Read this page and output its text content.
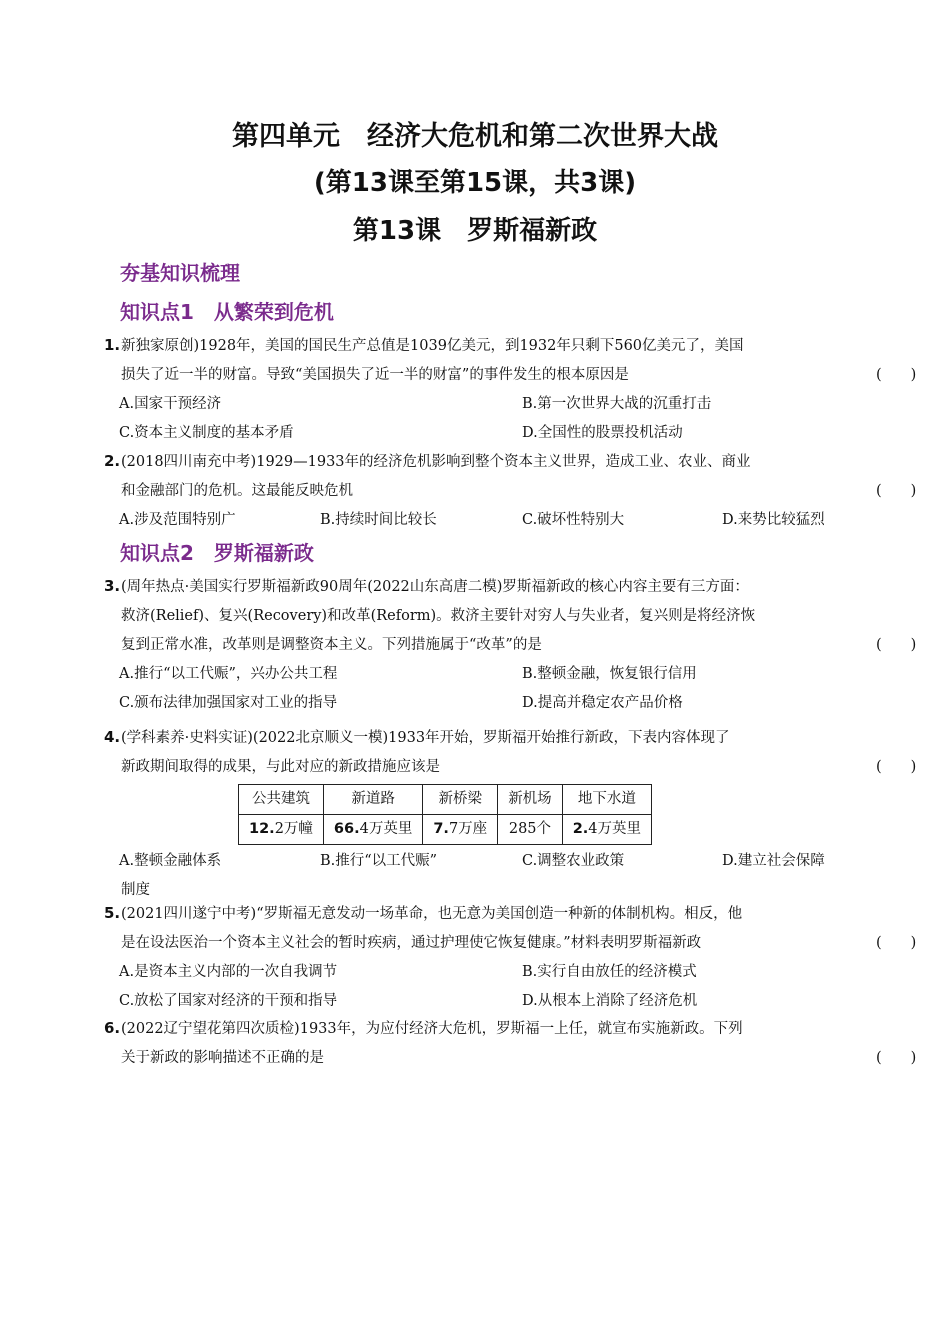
第四单元　经济大危机和第二次世界大战
(第13课至第15课，共3课)
第13课　罗斯福新政
夯基知识梳理
知识点1　从繁荣到危机
1.新独家原创)1928年，美国的国民生产总值是1039亿美元，到1932年只剩下560亿美元了，美国
损失了近一半的财富。导致“美国损失了近一半的财富”的事件发生的根本原因是	(　　)
A.国家干预经济	B.第一次世界大战的沉重打击
C.资本主义制度的基本矛盾	D.全国性的股票投机活动
2.(2018四川南充中考)1929—1933年的经济危机影响到整个资本主义世界，造成工业、农业、商业
和金融部门的危机。这最能反映危机	(　　)
A.涉及范围特别广	B.持续时间比较长	C.破坏性特别大	D.来势比较猛烈
知识点2　罗斯福新政
3.(周年热点·美国实行罗斯福新政90周年(2022山东高唐二模)罗斯福新政的核心内容主要有三方面：
救济(Relief)、复兴(Recovery)和改革(Reform)。救济主要针对穷人与失业者，复兴则是将经济恢
复到正常水准，改革则是调整资本主义。下列措施属于“改革”的是	(　　)
A.推行“以工代赈”，兴办公共工程	B.整顿金融，恢复银行信用
C.颁布法律加强国家对工业的指导	D.提高并稳定农产品价格
4.(学科素养·史料实证)(2022北京顺义一模)1933年开始，罗斯福开始推行新政，下表内容体现了
新政期间取得的成果，与此对应的新政措施应该是	(　　)
公共建筑	新道路	新桥梁	新机场	地下水道
12.2万幢	66.4万英里	7.7万座	285个	2.4万英里
A.整顿金融体系	B.推行“以工代赈”	C.调整农业政策	D.建立社会保障
制度
5.(2021四川遂宁中考)“罗斯福无意发动一场革命，也无意为美国创造一种新的体制机构。相反，他
是在设法医治一个资本主义社会的暂时疾病，通过护理使它恢复健康。”材料表明罗斯福新政	(　　)
A.是资本主义内部的一次自我调节	B.实行自由放任的经济模式
C.放松了国家对经济的干预和指导	D.从根本上消除了经济危机
6.(2022辽宁望花第四次质检)1933年，为应付经济大危机，罗斯福一上任，就宣布实施新政。下列
关于新政的影响描述不正确的是	(　　)
